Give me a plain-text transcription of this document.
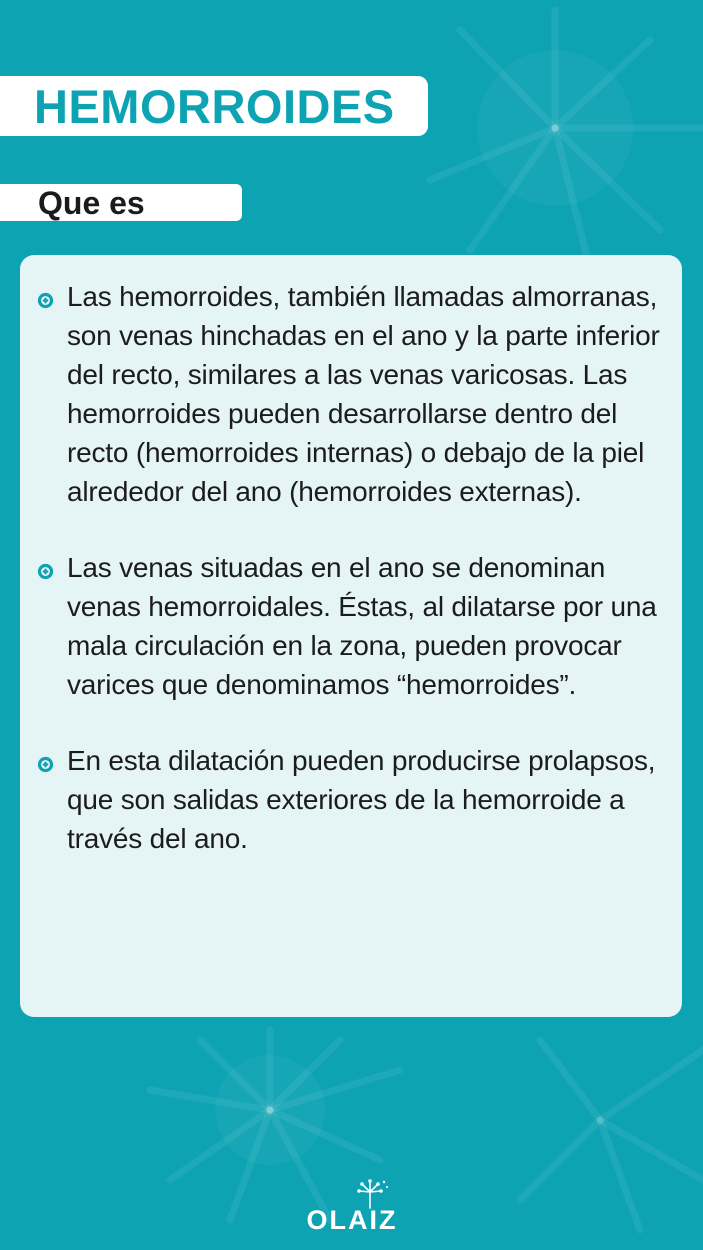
HEMORROIDES
Que es
Las hemorroides, también llamadas almorranas, son venas hinchadas en el ano y la parte inferior del recto, similares a las venas varicosas. Las hemorroides pueden desarrollarse dentro del recto (hemorroides internas) o debajo de la piel alrededor del ano (hemorroides externas).
Las venas situadas en el ano se denominan venas hemorroidales. Éstas, al dilatarse por una mala circulación en la zona, pueden provocar varices que denominamos “hemorroides”.
En esta dilatación pueden producirse prolapsos, que son salidas exteriores de la hemorroide a través del ano.
OLAIZ
